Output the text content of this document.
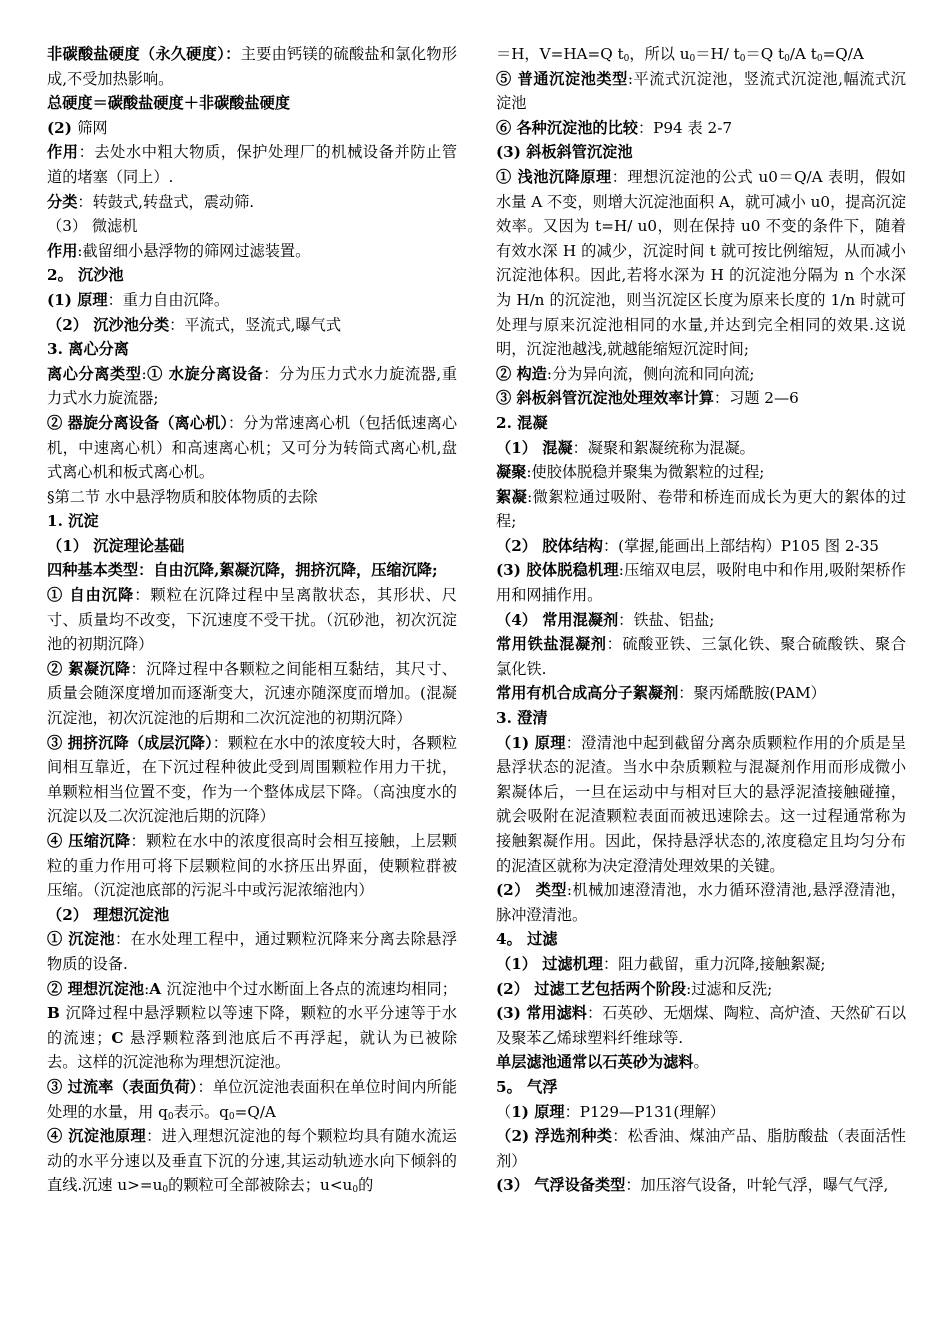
非碳酸盐硬度（永久硬度）：主要由钙镁的硫酸盐和氯化物形成,不受加热影响。

总硬度＝碳酸盐硬度＋非碳酸盐硬度

(2) 筛网

作用：去处水中粗大物质，保护处理厂的机械设备并防止管道的堵塞（同上）.

分类：转鼓式,转盘式，震动筛.

（3） 微滤机

作用:截留细小悬浮物的筛网过滤装置。

2。 沉沙池

(1) 原理：重力自由沉降。

（2） 沉沙池分类：平流式，竖流式,曝气式

3. 离心分离

离心分离类型:① 水旋分离设备：分为压力式水力旋流器,重力式水力旋流器;

② 器旋分离设备（离心机）：分为常速离心机（包括低速离心机，中速离心机）和高速离心机；又可分为转筒式离心机,盘式离心机和板式离心机。

§第二节 水中悬浮物质和胶体物质的去除

1. 沉淀

（1） 沉淀理论基础

四种基本类型：自由沉降,絮凝沉降，拥挤沉降，压缩沉降;

① 自由沉降：颗粒在沉降过程中呈离散状态，其形状、尺寸、质量均不改变，下沉速度不受干扰。（沉砂池，初次沉淀池的初期沉降）

② 絮凝沉降：沉降过程中各颗粒之间能相互黏结，其尺寸、质量会随深度增加而逐渐变大，沉速亦随深度而增加。(混凝沉淀池，初次沉淀池的后期和二次沉淀池的初期沉降）

③ 拥挤沉降（成层沉降）：颗粒在水中的浓度较大时，各颗粒间相互靠近，在下沉过程种彼此受到周围颗粒作用力干扰，单颗粒相当位置不变，作为一个整体成层下降。（高浊度水的沉淀以及二次沉淀池后期的沉降）

④ 压缩沉降：颗粒在水中的浓度很高时会相互接触，上层颗粒的重力作用可将下层颗粒间的水挤压出界面，使颗粒群被压缩。（沉淀池底部的污泥斗中或污泥浓缩池内）

（2） 理想沉淀池

① 沉淀池：在水处理工程中，通过颗粒沉降来分离去除悬浮物质的设备.

② 理想沉淀池:A 沉淀池中个过水断面上各点的流速均相同；B 沉降过程中悬浮颗粒以等速下降，颗粒的水平分速等于水的流速；C 悬浮颗粒落到池底后不再浮起，就认为已被除去。这样的沉淀池称为理想沉淀池。

③ 过流率（表面负荷）：单位沉淀池表面积在单位时间内所能处理的水量，用 $q_0$表示。$q_0=Q/A$

④ 沉淀池原理：进入理想沉淀池的每个颗粒均具有随水流运动的水平分速以及垂直下沉的分速,其运动轨迹水向下倾斜的直线.沉速 $u>=u_0$的颗粒可全部被除去；$u<u_0$的

＝H，V=HA=Q $t_0$，所以 $u_0=H/$ $t_0=Q$ $t_0/A$ $t_0=Q/A$

⑤ 普通沉淀池类型:平流式沉淀池，竖流式沉淀池,幅流式沉淀池

⑥ 各种沉淀池的比较：P94 表 2-7

(3) 斜板斜管沉淀池

① 浅池沉降原理：理想沉淀池的公式 u0＝Q/A 表明，假如水量 A 不变，则增大沉淀池面积 A，就可减小 u0，提高沉淀效率。又因为 t=H/ u0，则在保持 u0 不变的条件下，随着有效水深 H 的减少，沉淀时间 t 就可按比例缩短，从而减小沉淀池体积。因此,若将水深为 H 的沉淀池分隔为 n 个水深为 H/n 的沉淀池，则当沉淀区长度为原来长度的 1/n 时就可处理与原来沉淀池相同的水量,并达到完全相同的效果.这说明，沉淀池越浅,就越能缩短沉淀时间;

② 构造:分为异向流，侧向流和同向流;

③ 斜板斜管沉淀池处理效率计算：习题 2—6

2. 混凝

（1） 混凝：凝聚和絮凝统称为混凝。

凝聚:使胶体脱稳并聚集为微絮粒的过程;

絮凝:微絮粒通过吸附、卷带和桥连而成长为更大的絮体的过程;

（2） 胶体结构：(掌握,能画出上部结构）P105 图 2-35

(3) 胶体脱稳机理:压缩双电层，吸附电中和作用,吸附架桥作用和网捕作用。

（4） 常用混凝剂：铁盐、铝盐;

常用铁盐混凝剂：硫酸亚铁、三氯化铁、聚合硫酸铁、聚合氯化铁.

常用有机合成高分子絮凝剂：聚丙烯酰胺(PAM）

3. 澄清

（1) 原理：澄清池中起到截留分离杂质颗粒作用的介质是呈悬浮状态的泥渣。当水中杂质颗粒与混凝剂作用而形成微小絮凝体后，一旦在运动中与相对巨大的悬浮泥渣接触碰撞，就会吸附在泥渣颗粒表面而被迅速除去。这一过程通常称为接触絮凝作用。因此，保持悬浮状态的,浓度稳定且均匀分布的泥渣区就称为决定澄清处理效果的关键。

(2） 类型:机械加速澄清池，水力循环澄清池,悬浮澄清池，脉冲澄清池。

4。 过滤

（1） 过滤机理：阻力截留，重力沉降,接触絮凝;

(2） 过滤工艺包括两个阶段:过滤和反洗;

(3) 常用滤料：石英砂、无烟煤、陶粒、高炉渣、天然矿石以及聚苯乙烯球塑料纤维球等.

单层滤池通常以石英砂为滤料。

5。 气浮

（1) 原理：P129—P131(理解）

（2) 浮选剂种类：松香油、煤油产品、脂肪酸盐（表面活性剂）

(3） 气浮设备类型：加压溶气设备，叶轮气浮，曝气气浮,
